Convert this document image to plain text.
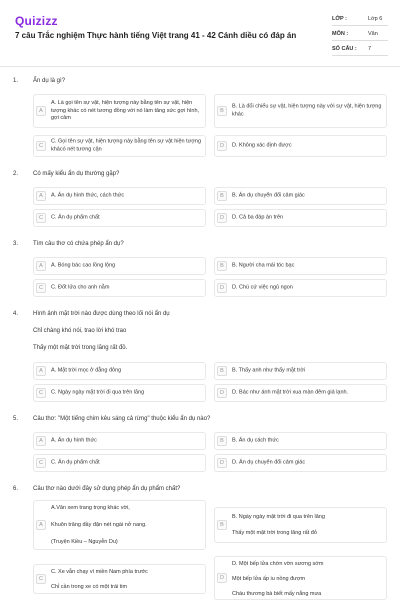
Quizizz
7 câu Trắc nghiệm Thực hành tiếng Việt trang 41 - 42 Cánh diều có đáp án
LỚP :	Lớp 6
MÔN :	Văn
SỐ CÂU : 7
1. Ẩn dụ là gì?
A
A. Là gọi tên sự vật, hiện tượng này bằng tên sự vật, hiện tượng khác có nét tương đồng với nó làm tăng sức gợi hình, gợi cảm
B
B. Là đối chiếu sự vật, hiện tượng này với sự vật, hiện tượng khác
C
C. Gọi tên sự vật, hiện tượng này bằng tên sự vật hiện tượng khácó nét tương cận	D	D. Không xác định được
2. Có mấy kiểu ẩn dụ thường gặp?
A	A. Ẩn dụ hình thức, cách thức	B	B. Ẩn dụ chuyển đổi cảm giác
C	C. Ẩn dụ phẩm chất	D	D. Cả ba đáp án trên
3. Tìm câu thơ có chứa phép ẩn dụ?
A	A. Bóng bác cao lồng lộng	B	B. Người cha mái tóc bạc
C	C. Đốt lửa cho anh nằm	D	D. Chú cứ việc ngủ ngon
4. Hình ảnh mặt trời nào được dùng theo lối nói ẩn dụ
Chỉ chàng khó nói, trao lời khó trao
Thấy một mặt trời trong lăng rất đỏ.
A	A. Mặt trời mọc ở đằng đông	B	B. Thấy anh như thấy mặt trời
C	C. Ngày ngày mặt trời đi qua trên lăng	D	D. Bác như ánh mặt trời xua màn đêm giá lạnh.
5. Câu thơ: "Một tiếng chim kêu sáng cả rừng" thuộc kiểu ẩn dụ nào?
A	A. Ẩn dụ hình thức	B	B. Ẩn dụ cách thức
C	C. Ẩn dụ phẩm chất	D	D. Ẩn dụ chuyển đổi cảm giác
6. Câu thơ nào dưới đây sử dụng phép ẩn dụ phẩm chất?
A
A.Vân xem trang trọng khác vời,
Khuôn trăng đầy đặn nét ngài nở nang.
(Truyện Kiều – Nguyễn Du)
B
B. Ngày ngày mặt trời đi qua trên lăng
Thấy một mặt trời trong lăng rất đỏ
C
C. Xe vẫn chạy vì miền Nam phía trước
Chỉ cần trong xe có một trái tim
D
D. Một bếp lửa chờn vờn sương sớm
Một bếp lửa ấp iu nồng đượm
Cháu thương bà biết mấy nắng mưa
